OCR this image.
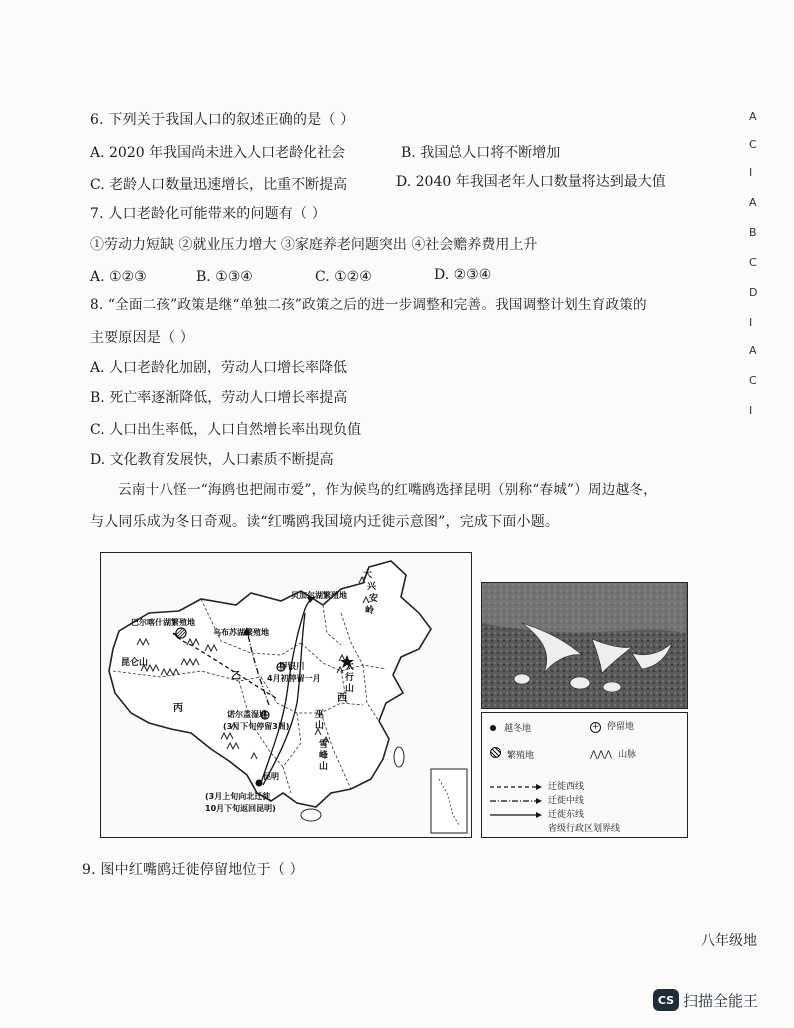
6. 下列关于我国人口的叙述正确的是（ ）
A. 2020 年我国尚未进入人口老龄化社会	B. 我国总人口将不断增加
C. 老龄人口数量迅速增长，比重不断提高	D. 2040 年我国老年人口数量将达到最大值
7. 人口老龄化可能带来的问题有（ ）
①劳动力短缺 ②就业压力增大 ③家庭养老问题突出 ④社会赡养费用上升
A. ①②③	B. ①③④	C. ①②④	D. ②③④
8. “全面二孩”政策是继“单独二孩”政策之后的进一步调整和完善。我国调整计划生育政策的
主要原因是（ ）
A. 人口老龄化加剧，劳动人口增长率降低
B. 死亡率逐渐降低，劳动人口增长率提高
C. 人口出生率低，人口自然增长率出现负值
D. 文化教育发展快，人口素质不断提高
云南十八怪一“海鸥也把闹市爱”，作为候鸟的红嘴鸥选择昆明（别称“春城”）周边越冬，
与人同乐成为冬日奇观。读“红嘴鸥我国境内迁徙示意图”，完成下面小题。
贝加尔湖繁殖地
乌布苏湖繁殖地
巴尔喀什湖繁殖地
昆仑山	甲银川
4月初停留一月
大
兴
安
岭
太
行
山
巫
山
雪
峰
山
乙
丙
西
诺尔盖湿地
(3月下旬停留3周)
昆明
(3月上旬向北迁徙
10月下旬返回昆明)
越冬地	+ 停留地
繁殖地	⋀⋀⋀ 山脉
迁徙西线
迁徙中线
迁徙东线
省级行政区划界线
9. 图中红嘴鸥迁徙停留地位于（ ）
A
C
I
A
B
C
D
I
A
C
I
八年级地
CS 扫描全能王
